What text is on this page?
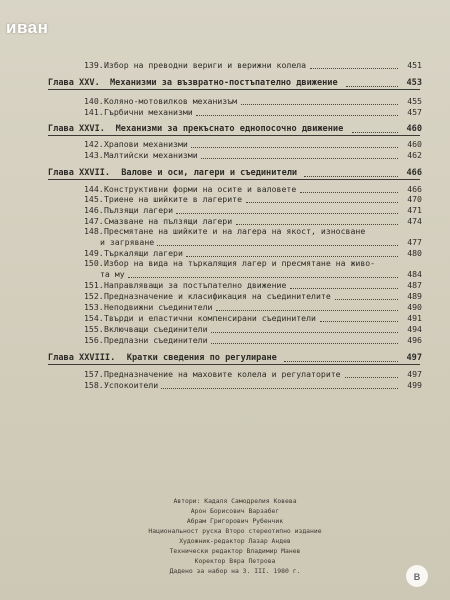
иван
139. Избор на преводни вериги и верижни колела	451
Глава XXV. Механизми за възвратно-постъпателно движение	453
140. Коляно-мотовилков механизъм	455
141. Гърбични механизми	457
Глава XXVI. Механизми за прекъснато еднопосочно движение	460
142. Храпови механизми	460
143. Малтийски механизми	462
Глава XXVII. Валове и оси, лагери и съединители	466
144. Конструктивни форми на осите и валовете	466
145. Триене на шийките в лагерите	470
146. Пълзящи лагери	471
147. Смазване на пълзящи лагери	474
148. Пресмятане на шийките и на лагера на якост, износване
и загряване	477
149. Търкалящи лагери	480
150. Избор на вида на търкалящия лагер и пресмятане на живо-
та му	484
151. Направляващи за постъпателно движение	487
152. Предназначение и класификация на съединителите	489
153. Неподвижни съединители	490
154. Твърди и еластични компенсирани съединители	491
155. Включващи съединители	494
156. Предпазни съединители	496
Глава XXVIII. Кратки сведения по регулиране	497
157. Предназначение на маховите колела и регулаторите	497
158. Успокоители	499
Автори: Кадаля Самодрелия Ковева
Арон Борисович Варзабег
Абрам Григорович Рубенчик
Национальност руска Второ стереотипно издание
Художник-редактор Лазар Андев
Технически редактор Владимир Манев
Коректор Вяра Петрова
Дадено за набор на 3. III. 1980 г.
B
